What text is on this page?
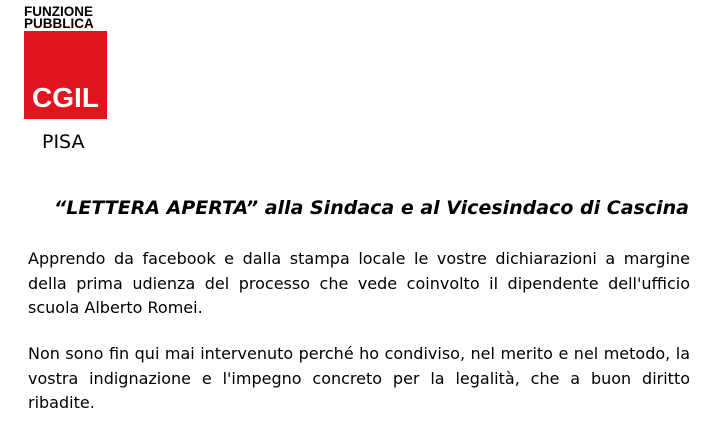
FUNZIONE
PUBBLICA
CGIL
PISA
“LETTERA APERTA” alla Sindaca e al Vicesindaco di Cascina
Apprendo da facebook e dalla stampa locale le vostre dichiarazioni a margine della prima udienza del processo che vede coinvolto il dipendente dell'ufficio scuola Alberto Romei.
Non sono fin qui mai intervenuto perché ho condiviso, nel merito e nel metodo, la vostra indignazione e l'impegno concreto per la legalità, che a buon diritto ribadite.
